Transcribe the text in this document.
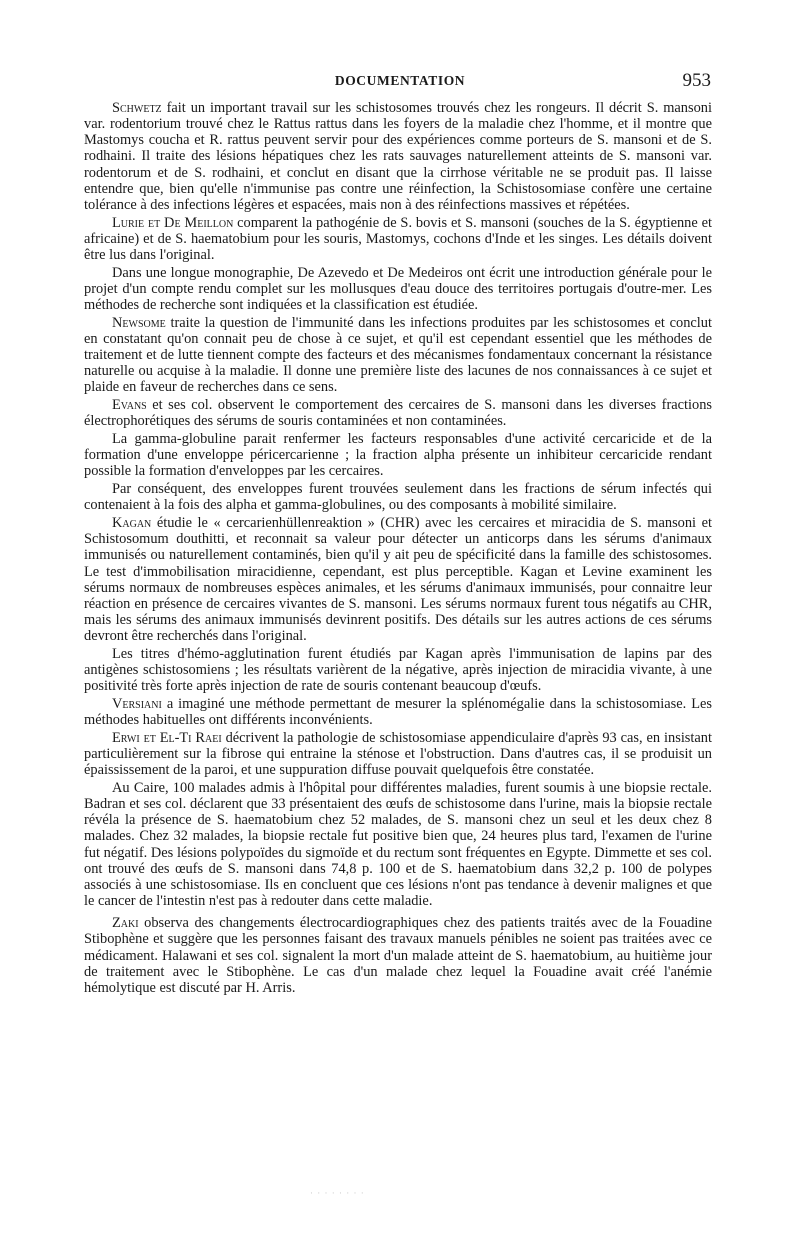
DOCUMENTATION	953

Schwetz fait un important travail sur les schistosomes trouvés chez les rongeurs. Il décrit S. mansoni var. rodentorium trouvé chez le Rattus rattus dans les foyers de la maladie chez l'homme, et il montre que Mastomys coucha et R. rattus peuvent servir pour des expériences comme porteurs de S. mansoni et de S. rodhaini. Il traite des lésions hépatiques chez les rats sauvages naturellement atteints de S. mansoni var. rodentorum et de S. rodhaini, et conclut en disant que la cirrhose véritable ne se produit pas. Il laisse entendre que, bien qu'elle n'immunise pas contre une réinfection, la Schistosomiase confère une certaine tolérance à des infections légères et espacées, mais non à des réinfections massives et répétées.

Lurie et De Meillon comparent la pathogénie de S. bovis et S. mansoni (souches de la S. égyptienne et africaine) et de S. haematobium pour les souris, Mastomys, cochons d'Inde et les singes. Les détails doivent être lus dans l'original.

Dans une longue monographie, De Azevedo et De Medeiros ont écrit une introduction générale pour le projet d'un compte rendu complet sur les mollusques d'eau douce des territoires portugais d'outre-mer. Les méthodes de recherche sont indiquées et la classification est étudiée.

Newsome traite la question de l'immunité dans les infections produites par les schistosomes et conclut en constatant qu'on connait peu de chose à ce sujet, et qu'il est cependant essentiel que les méthodes de traitement et de lutte tiennent compte des facteurs et des mécanismes fondamentaux concernant la résistance naturelle ou acquise à la maladie. Il donne une première liste des lacunes de nos connaissances à ce sujet et plaide en faveur de recherches dans ce sens.

Evans et ses col. observent le comportement des cercaires de S. mansoni dans les diverses fractions électrophorétiques des sérums de souris contaminées et non contaminées.

La gamma-globuline parait renfermer les facteurs responsables d'une activité cercaricide et de la formation d'une enveloppe péricercarienne ; la fraction alpha présente un inhibiteur cercaricide rendant possible la formation d'enveloppes par les cercaires.

Par conséquent, des enveloppes furent trouvées seulement dans les fractions de sérum infectés qui contenaient à la fois des alpha et gamma-globulines, ou des composants à mobilité similaire.

Kagan étudie le « cercarienhüllenreaktion » (CHR) avec les cercaires et miracidia de S. mansoni et Schistosomum douthitti, et reconnait sa valeur pour détecter un anticorps dans les sérums d'animaux immunisés ou naturellement contaminés, bien qu'il y ait peu de spécificité dans la famille des schistosomes. Le test d'immobilisation miracidienne, cependant, est plus perceptible. Kagan et Levine examinent les sérums normaux de nombreuses espèces animales, et les sérums d'animaux immunisés, pour connaitre leur réaction en présence de cercaires vivantes de S. mansoni. Les sérums normaux furent tous négatifs au CHR, mais les sérums des animaux immunisés devinrent positifs. Des détails sur les autres actions de ces sérums devront être recherchés dans l'original.

Les titres d'hémo-agglutination furent étudiés par Kagan après l'immunisation de lapins par des antigènes schistosomiens ; les résultats varièrent de la négative, après injection de miracidia vivante, à une positivité très forte après injection de rate de souris contenant beaucoup d'œufs.

Versiani a imaginé une méthode permettant de mesurer la splénomégalie dans la schistosomiase. Les méthodes habituelles ont différents inconvénients.

Erwi et El-Ti Raei décrivent la pathologie de schistosomiase appendiculaire d'après 93 cas, en insistant particulièrement sur la fibrose qui entraine la sténose et l'obstruction. Dans d'autres cas, il se produisit un épaississement de la paroi, et une suppuration diffuse pouvait quelquefois être constatée.

Au Caire, 100 malades admis à l'hôpital pour différentes maladies, furent soumis à une biopsie rectale. Badran et ses col. déclarent que 33 présentaient des œufs de schistosome dans l'urine, mais la biopsie rectale révéla la présence de S. haematobium chez 52 malades, de S. mansoni chez un seul et les deux chez 8 malades. Chez 32 malades, la biopsie rectale fut positive bien que, 24 heures plus tard, l'examen de l'urine fut négatif. Des lésions polypoïdes du sigmoïde et du rectum sont fréquentes en Egypte. Dimmette et ses col. ont trouvé des œufs de S. mansoni dans 74,8 p. 100 et de S. haematobium dans 32,2 p. 100 de polypes associés à une schistosomiase. Ils en concluent que ces lésions n'ont pas tendance à devenir malignes et que le cancer de l'intestin n'est pas à redouter dans cette maladie.

Zaki observa des changements électrocardiographiques chez des patients traités avec de la Fouadine Stibophène et suggère que les personnes faisant des travaux manuels pénibles ne soient pas traitées avec ce médicament. Halawani et ses col. signalent la mort d'un malade atteint de S. haematobium, au huitième jour de traitement avec le Stibophène. Le cas d'un malade chez lequel la Fouadine avait créé l'anémie hémolytique est discuté par H. Arris.

· · · · · · · ·
